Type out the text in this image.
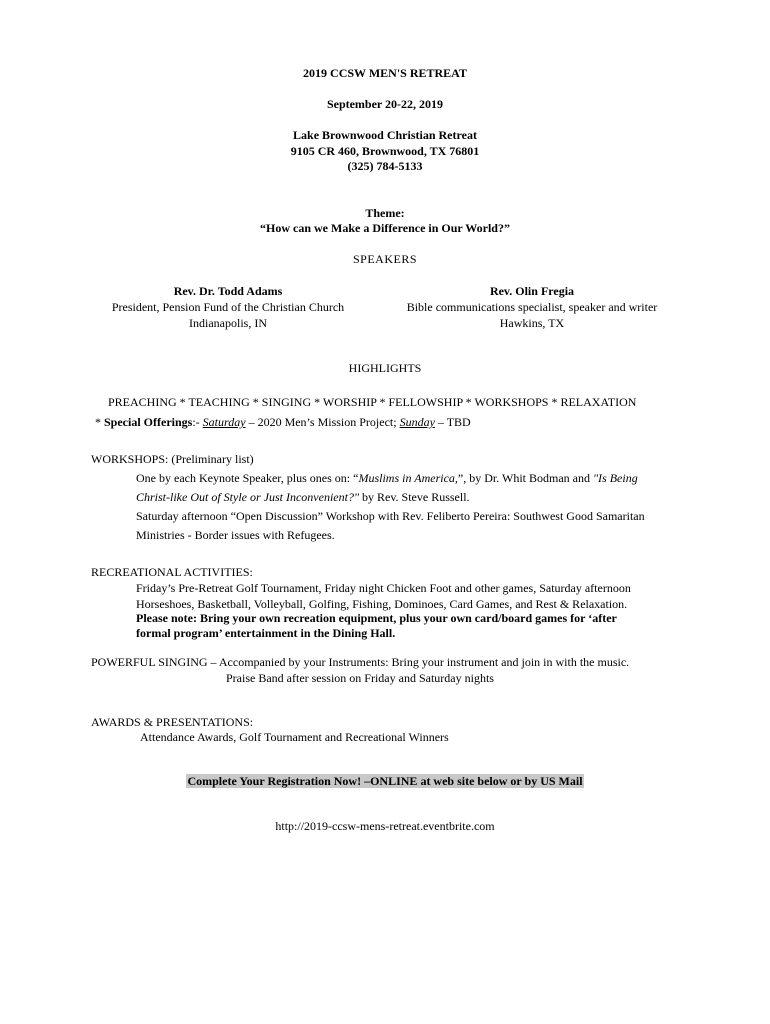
2019 CCSW MEN'S RETREAT
September 20-22, 2019
Lake Brownwood Christian Retreat
9105 CR 460, Brownwood, TX 76801
(325) 784-5133
Theme:
“How can we Make a Difference in Our World?”
SPEAKERS
Rev. Dr. Todd Adams
President, Pension Fund of the Christian Church
Indianapolis, IN
Rev. Olin Fregia
Bible communications specialist, speaker and writer
Hawkins, TX
HIGHLIGHTS
PREACHING * TEACHING * SINGING * WORSHIP * FELLOWSHIP * WORKSHOPS * RELAXATION
* Special Offerings:- Saturday – 2020 Men’s Mission Project; Sunday – TBD
WORKSHOPS: (Preliminary list)
One by each Keynote Speaker, plus ones on: “Muslims in America,”, by Dr. Whit Bodman and "Is Being
Christ-like Out of Style or Just Inconvenient?" by Rev. Steve Russell.
Saturday afternoon “Open Discussion” Workshop with Rev. Feliberto Pereira: Southwest Good Samaritan
Ministries - Border issues with Refugees.
RECREATIONAL ACTIVITIES:
Friday’s Pre-Retreat Golf Tournament, Friday night Chicken Foot and other games, Saturday afternoon
Horseshoes, Basketball, Volleyball, Golfing, Fishing, Dominoes, Card Games, and Rest & Relaxation.
Please note: Bring your own recreation equipment, plus your own card/board games for ‘after
formal program’ entertainment in the Dining Hall.
POWERFUL SINGING – Accompanied by your Instruments: Bring your instrument and join in with the music.
Praise Band after session on Friday and Saturday nights
AWARDS & PRESENTATIONS:
Attendance Awards, Golf Tournament and Recreational Winners
Complete Your Registration Now! –ONLINE at web site below or by US Mail
http://2019-ccsw-mens-retreat.eventbrite.com
